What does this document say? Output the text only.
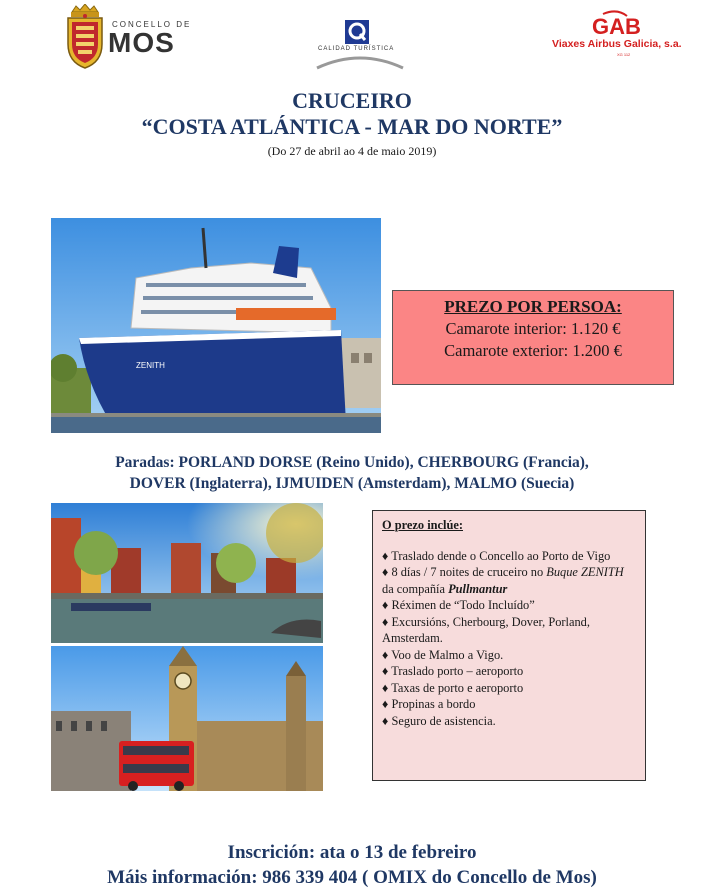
CONCELLO DE
MOS	CALIDAD TURÍSTICA
GAB
Viaxes Airbus Galicia, s.a.
XG 112
CRUCEIRO
“COSTA ATLÁNTICA - MAR DO NORTE”
(Do 27 de abril ao 4 de maio 2019)
ZENITH
PREZO POR PERSOA:
Camarote interior: 1.120 €
Camarote exterior: 1.200 €
Paradas: PORLAND DORSE (Reino Unido), CHERBOURG (Francia),
DOVER (Inglaterra), IJMUIDEN (Amsterdam), MALMO (Suecia)
O prezo inclúe:
♦ Traslado dende o Concello ao Porto de Vigo
♦ 8 días / 7 noites de cruceiro no Buque ZENITH da compañía Pullmantur
♦ Réximen de “Todo Incluído”
♦ Excursións, Cherbourg, Dover, Porland, Amsterdam.
♦ Voo de Malmo a Vigo.
♦ Traslado porto – aeroporto
♦ Taxas de porto e aeroporto
♦ Propinas a bordo
♦ Seguro de asistencia.
Inscrición: ata o 13 de febreiro
Máis información: 986 339 404 ( OMIX do Concello de Mos)
